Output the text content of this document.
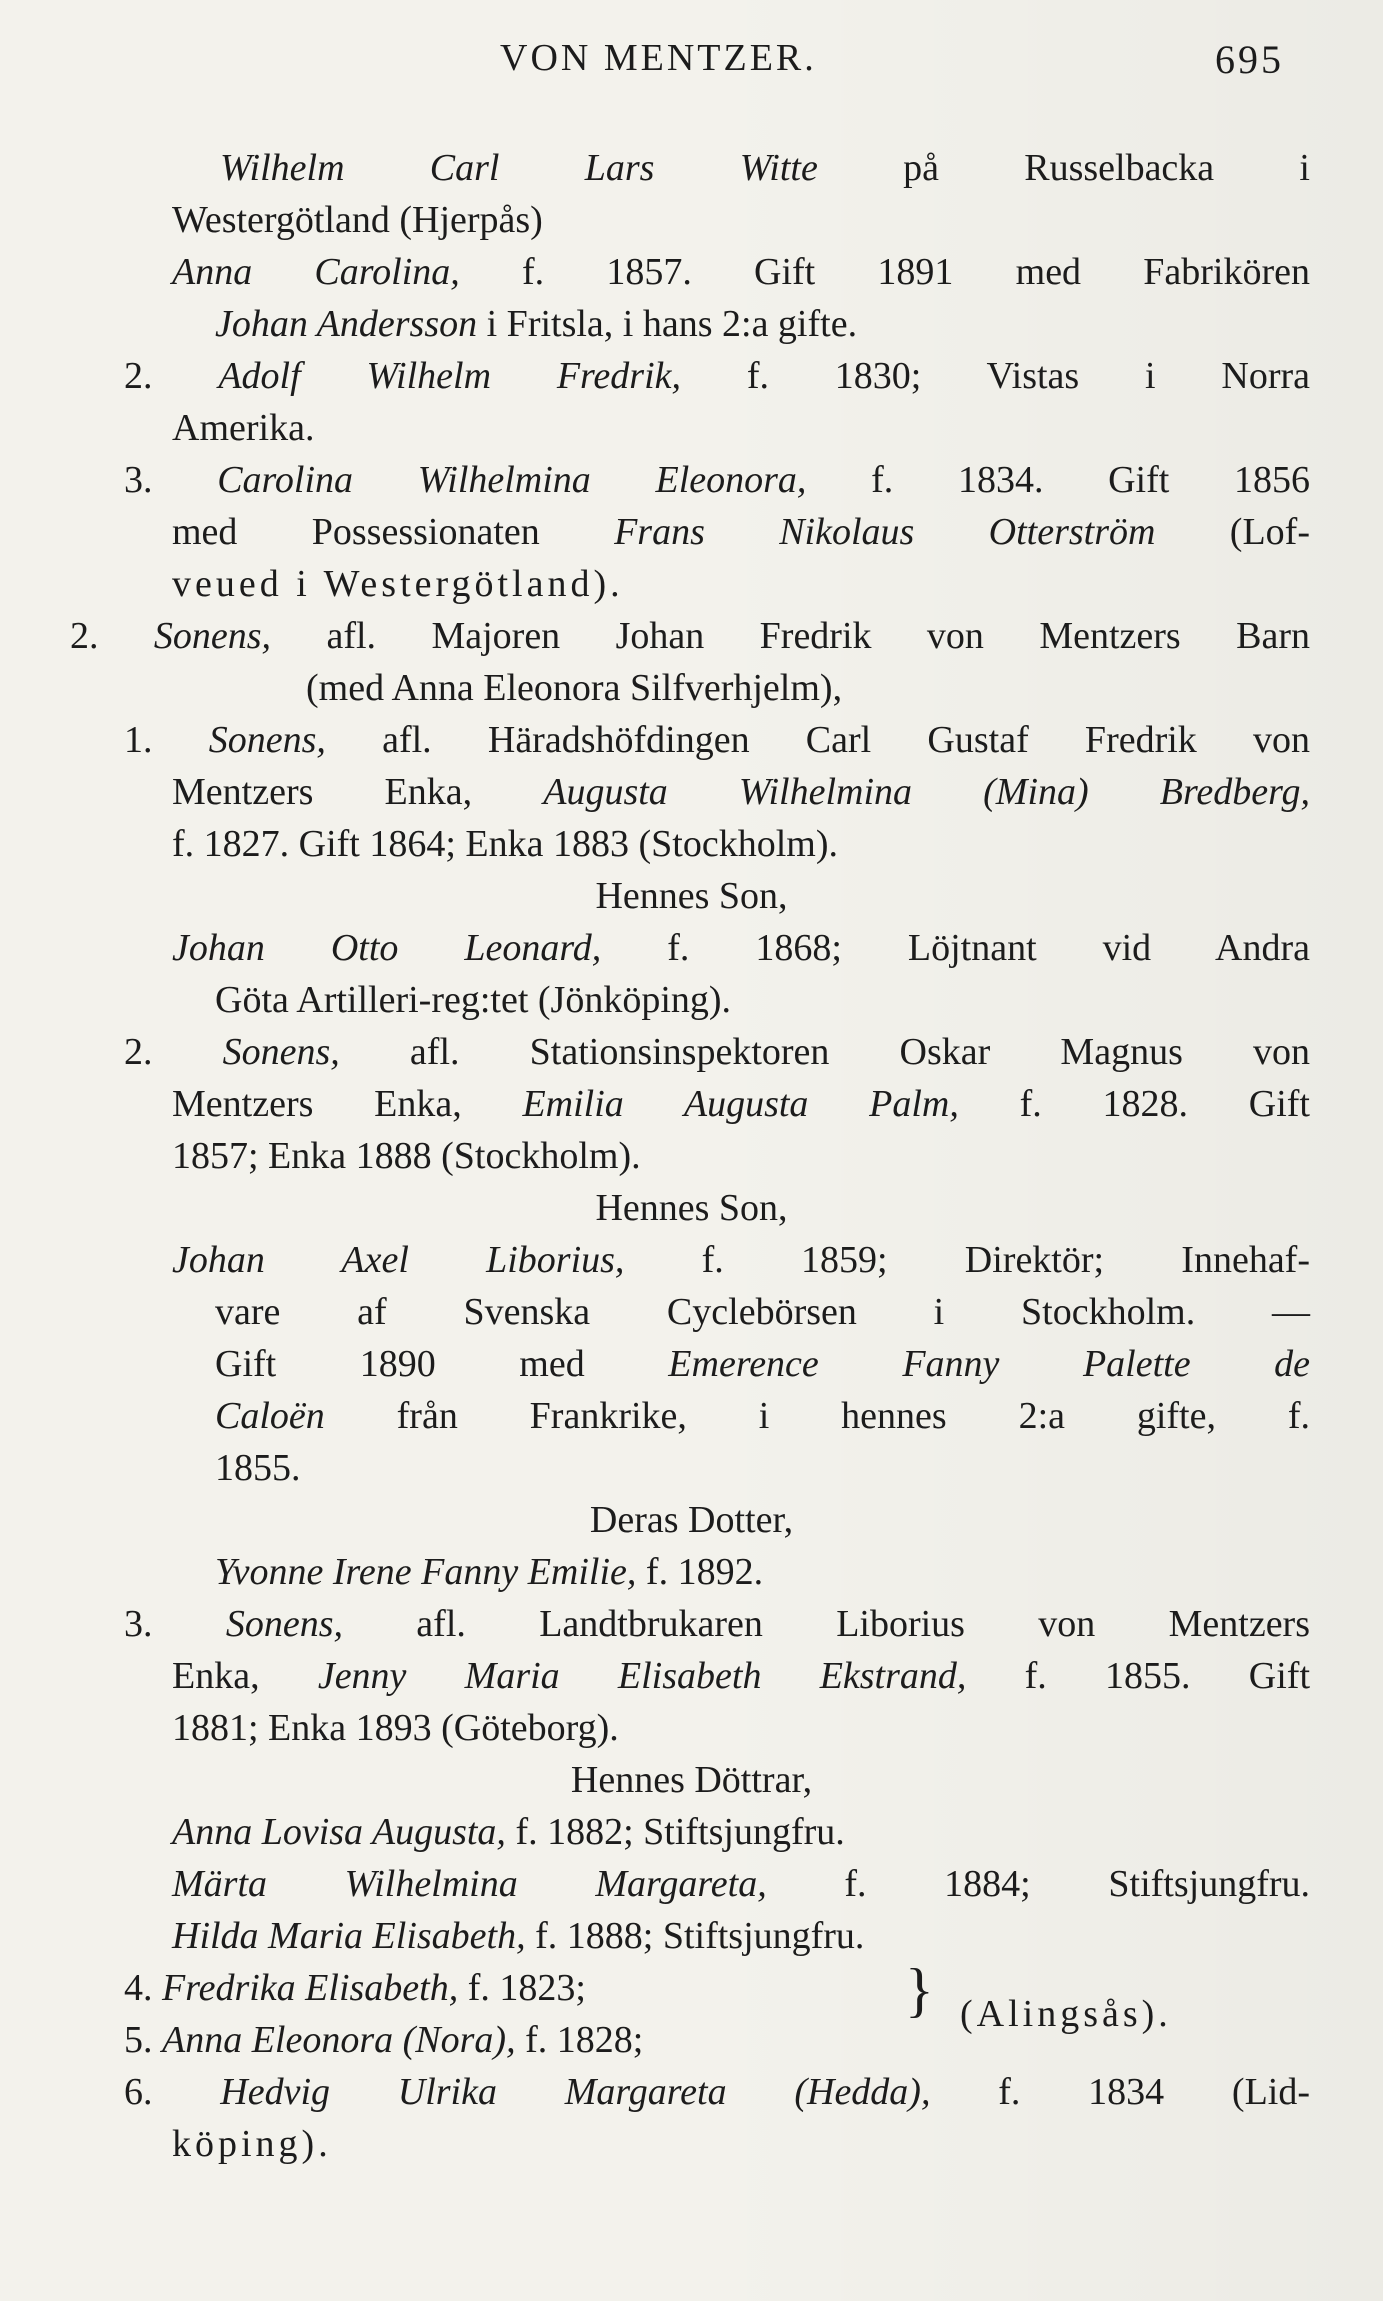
VON MENTZER.	695
Wilhelm Carl Lars Witte på Russelbacka i
Westergötland (Hjerpås)
Anna Carolina, f. 1857. Gift 1891 med Fabrikören
Johan Andersson i Fritsla, i hans 2:a gifte.
2. Adolf Wilhelm Fredrik, f. 1830; Vistas i Norra
Amerika.
3. Carolina Wilhelmina Eleonora, f. 1834. Gift 1856
med Possessionaten Frans Nikolaus Otterström (Lof-
veued i Westergötland).
2. Sonens, afl. Majoren Johan Fredrik von Mentzers Barn
(med Anna Eleonora Silfverhjelm),
1. Sonens, afl. Häradshöfdingen Carl Gustaf Fredrik von
Mentzers Enka, Augusta Wilhelmina (Mina) Bredberg,
f. 1827. Gift 1864; Enka 1883 (Stockholm).
Hennes Son,
Johan Otto Leonard, f. 1868; Löjtnant vid Andra
Göta Artilleri-reg:tet (Jönköping).
2. Sonens, afl. Stationsinspektoren Oskar Magnus von
Mentzers Enka, Emilia Augusta Palm, f. 1828. Gift
1857; Enka 1888 (Stockholm).
Hennes Son,
Johan Axel Liborius, f. 1859; Direktör; Innehaf-
vare af Svenska Cyclebörsen i Stockholm. —
Gift 1890 med Emerence Fanny Palette de
Caloën från Frankrike, i hennes 2:a gifte, f.
1855.
Deras Dotter,
Yvonne Irene Fanny Emilie, f. 1892.
3. Sonens, afl. Landtbrukaren Liborius von Mentzers
Enka, Jenny Maria Elisabeth Ekstrand, f. 1855. Gift
1881; Enka 1893 (Göteborg).
Hennes Döttrar,
Anna Lovisa Augusta, f. 1882; Stiftsjungfru.
Märta Wilhelmina Margareta, f. 1884; Stiftsjungfru.
Hilda Maria Elisabeth, f. 1888; Stiftsjungfru.
4. Fredrika Elisabeth, f. 1823;
5. Anna Eleonora (Nora), f. 1828;
} (Alingsås).
6. Hedvig Ulrika Margareta (Hedda), f. 1834 (Lid-
köping).
